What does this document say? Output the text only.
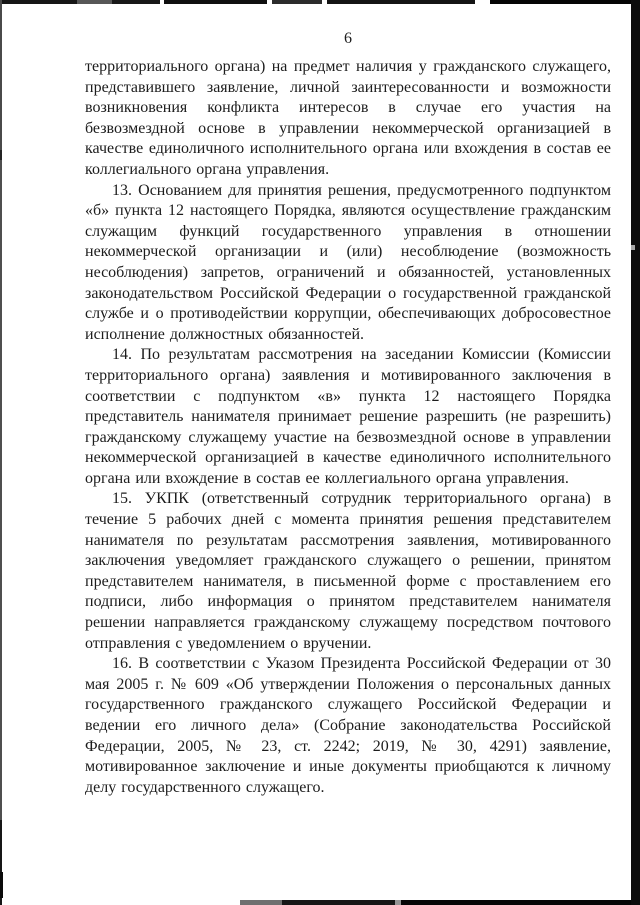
6

территориального органа) на предмет наличия у гражданского служащего, представившего заявление, личной заинтересованности и возможности возникновения конфликта интересов в случае его участия на безвозмездной основе в управлении некоммерческой организацией в качестве единоличного исполнительного органа или вхождения в состав ее коллегиального органа управления.

13. Основанием для принятия решения, предусмотренного подпунктом «б» пункта 12 настоящего Порядка, являются осуществление гражданским служащим функций государственного управления в отношении некоммерческой организации и (или) несоблюдение (возможность несоблюдения) запретов, ограничений и обязанностей, установленных законодательством Российской Федерации о государственной гражданской службе и о противодействии коррупции, обеспечивающих добросовестное исполнение должностных обязанностей.

14. По результатам рассмотрения на заседании Комиссии (Комиссии территориального органа) заявления и мотивированного заключения в соответствии с подпунктом «в» пункта 12 настоящего Порядка представитель нанимателя принимает решение разрешить (не разрешить) гражданскому служащему участие на безвозмездной основе в управлении некоммерческой организацией в качестве единоличного исполнительного органа или вхождение в состав ее коллегиального органа управления.

15. УКПК (ответственный сотрудник территориального органа) в течение 5 рабочих дней с момента принятия решения представителем нанимателя по результатам рассмотрения заявления, мотивированного заключения уведомляет гражданского служащего о решении, принятом представителем нанимателя, в письменной форме с проставлением его подписи, либо информация о принятом представителем нанимателя решении направляется гражданскому служащему посредством почтового отправления с уведомлением о вручении.

16. В соответствии с Указом Президента Российской Федерации от 30 мая 2005 г. № 609 «Об утверждении Положения о персональных данных государственного гражданского служащего Российской Федерации и ведении его личного дела» (Собрание законодательства Российской Федерации, 2005, № 23, ст. 2242; 2019, № 30, 4291) заявление, мотивированное заключение и иные документы приобщаются к личному делу государственного служащего.
